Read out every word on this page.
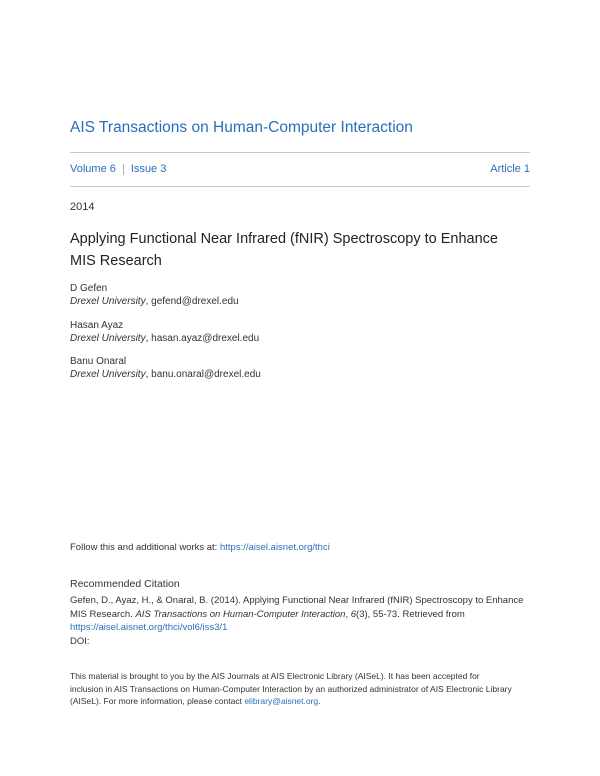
AIS Transactions on Human-Computer Interaction
Volume 6 Issue 3	Article 1
2014
Applying Functional Near Infrared (fNIR) Spectroscopy to Enhance
MIS Research
D Gefen
Drexel University, gefend@drexel.edu
Hasan Ayaz
Drexel University, hasan.ayaz@drexel.edu
Banu Onaral
Drexel University, banu.onaral@drexel.edu
Follow this and additional works at: https://aisel.aisnet.org/thci
Recommended Citation
Gefen, D., Ayaz, H., & Onaral, B. (2014). Applying Functional Near Infrared (fNIR) Spectroscopy to Enhance
MIS Research. AIS Transactions on Human-Computer Interaction, 6(3), 55-73. Retrieved from
https://aisel.aisnet.org/thci/vol6/iss3/1
DOI:
This material is brought to you by the AIS Journals at AIS Electronic Library (AISeL). It has been accepted for
inclusion in AIS Transactions on Human-Computer Interaction by an authorized administrator of AIS Electronic Library
(AISeL). For more information, please contact elibrary@aisnet.org.
